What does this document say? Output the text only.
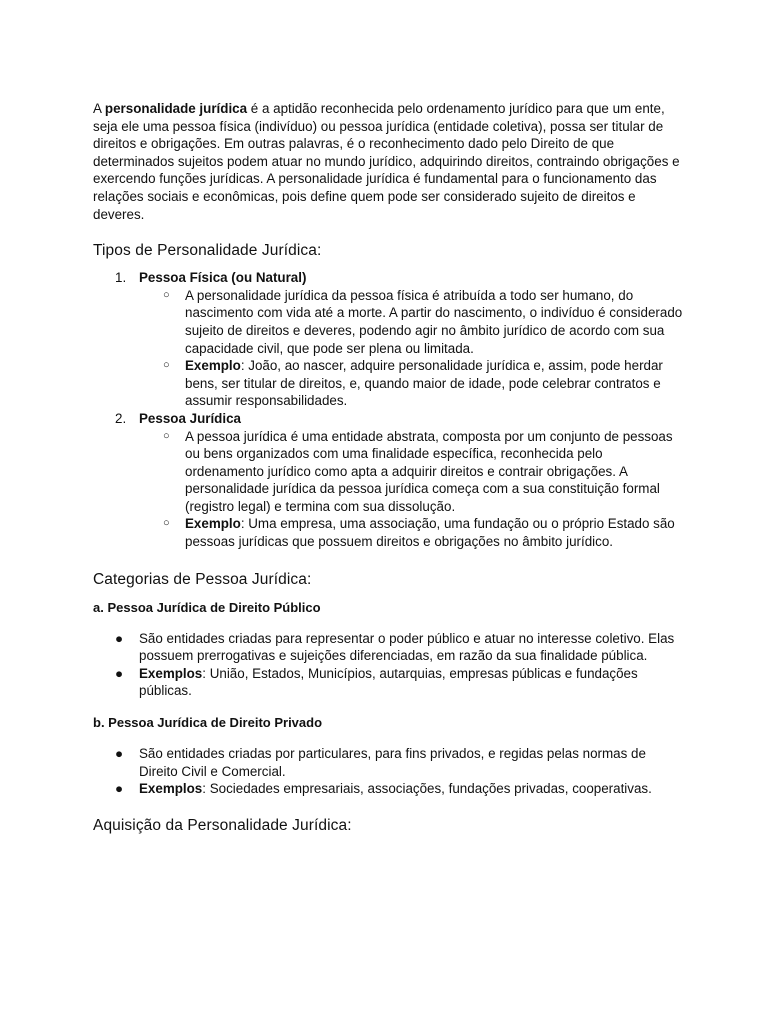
A personalidade jurídica é a aptidão reconhecida pelo ordenamento jurídico para que um ente, seja ele uma pessoa física (indivíduo) ou pessoa jurídica (entidade coletiva), possa ser titular de direitos e obrigações. Em outras palavras, é o reconhecimento dado pelo Direito de que determinados sujeitos podem atuar no mundo jurídico, adquirindo direitos, contraindo obrigações e exercendo funções jurídicas. A personalidade jurídica é fundamental para o funcionamento das relações sociais e econômicas, pois define quem pode ser considerado sujeito de direitos e deveres.

Tipos de Personalidade Jurídica:
1. Pessoa Física (ou Natural)
○ A personalidade jurídica da pessoa física é atribuída a todo ser humano, do nascimento com vida até a morte. A partir do nascimento, o indivíduo é considerado sujeito de direitos e deveres, podendo agir no âmbito jurídico de acordo com sua capacidade civil, que pode ser plena ou limitada.
○ Exemplo: João, ao nascer, adquire personalidade jurídica e, assim, pode herdar bens, ser titular de direitos, e, quando maior de idade, pode celebrar contratos e assumir responsabilidades.
2. Pessoa Jurídica
○ A pessoa jurídica é uma entidade abstrata, composta por um conjunto de pessoas ou bens organizados com uma finalidade específica, reconhecida pelo ordenamento jurídico como apta a adquirir direitos e contrair obrigações. A personalidade jurídica da pessoa jurídica começa com a sua constituição formal (registro legal) e termina com sua dissolução.
○ Exemplo: Uma empresa, uma associação, uma fundação ou o próprio Estado são pessoas jurídicas que possuem direitos e obrigações no âmbito jurídico.
Categorias de Pessoa Jurídica:
a. Pessoa Jurídica de Direito Público
● São entidades criadas para representar o poder público e atuar no interesse coletivo. Elas possuem prerrogativas e sujeições diferenciadas, em razão da sua finalidade pública.
● Exemplos: União, Estados, Municípios, autarquias, empresas públicas e fundações públicas.
b. Pessoa Jurídica de Direito Privado
● São entidades criadas por particulares, para fins privados, e regidas pelas normas de Direito Civil e Comercial.
● Exemplos: Sociedades empresariais, associações, fundações privadas, cooperativas.
Aquisição da Personalidade Jurídica:
